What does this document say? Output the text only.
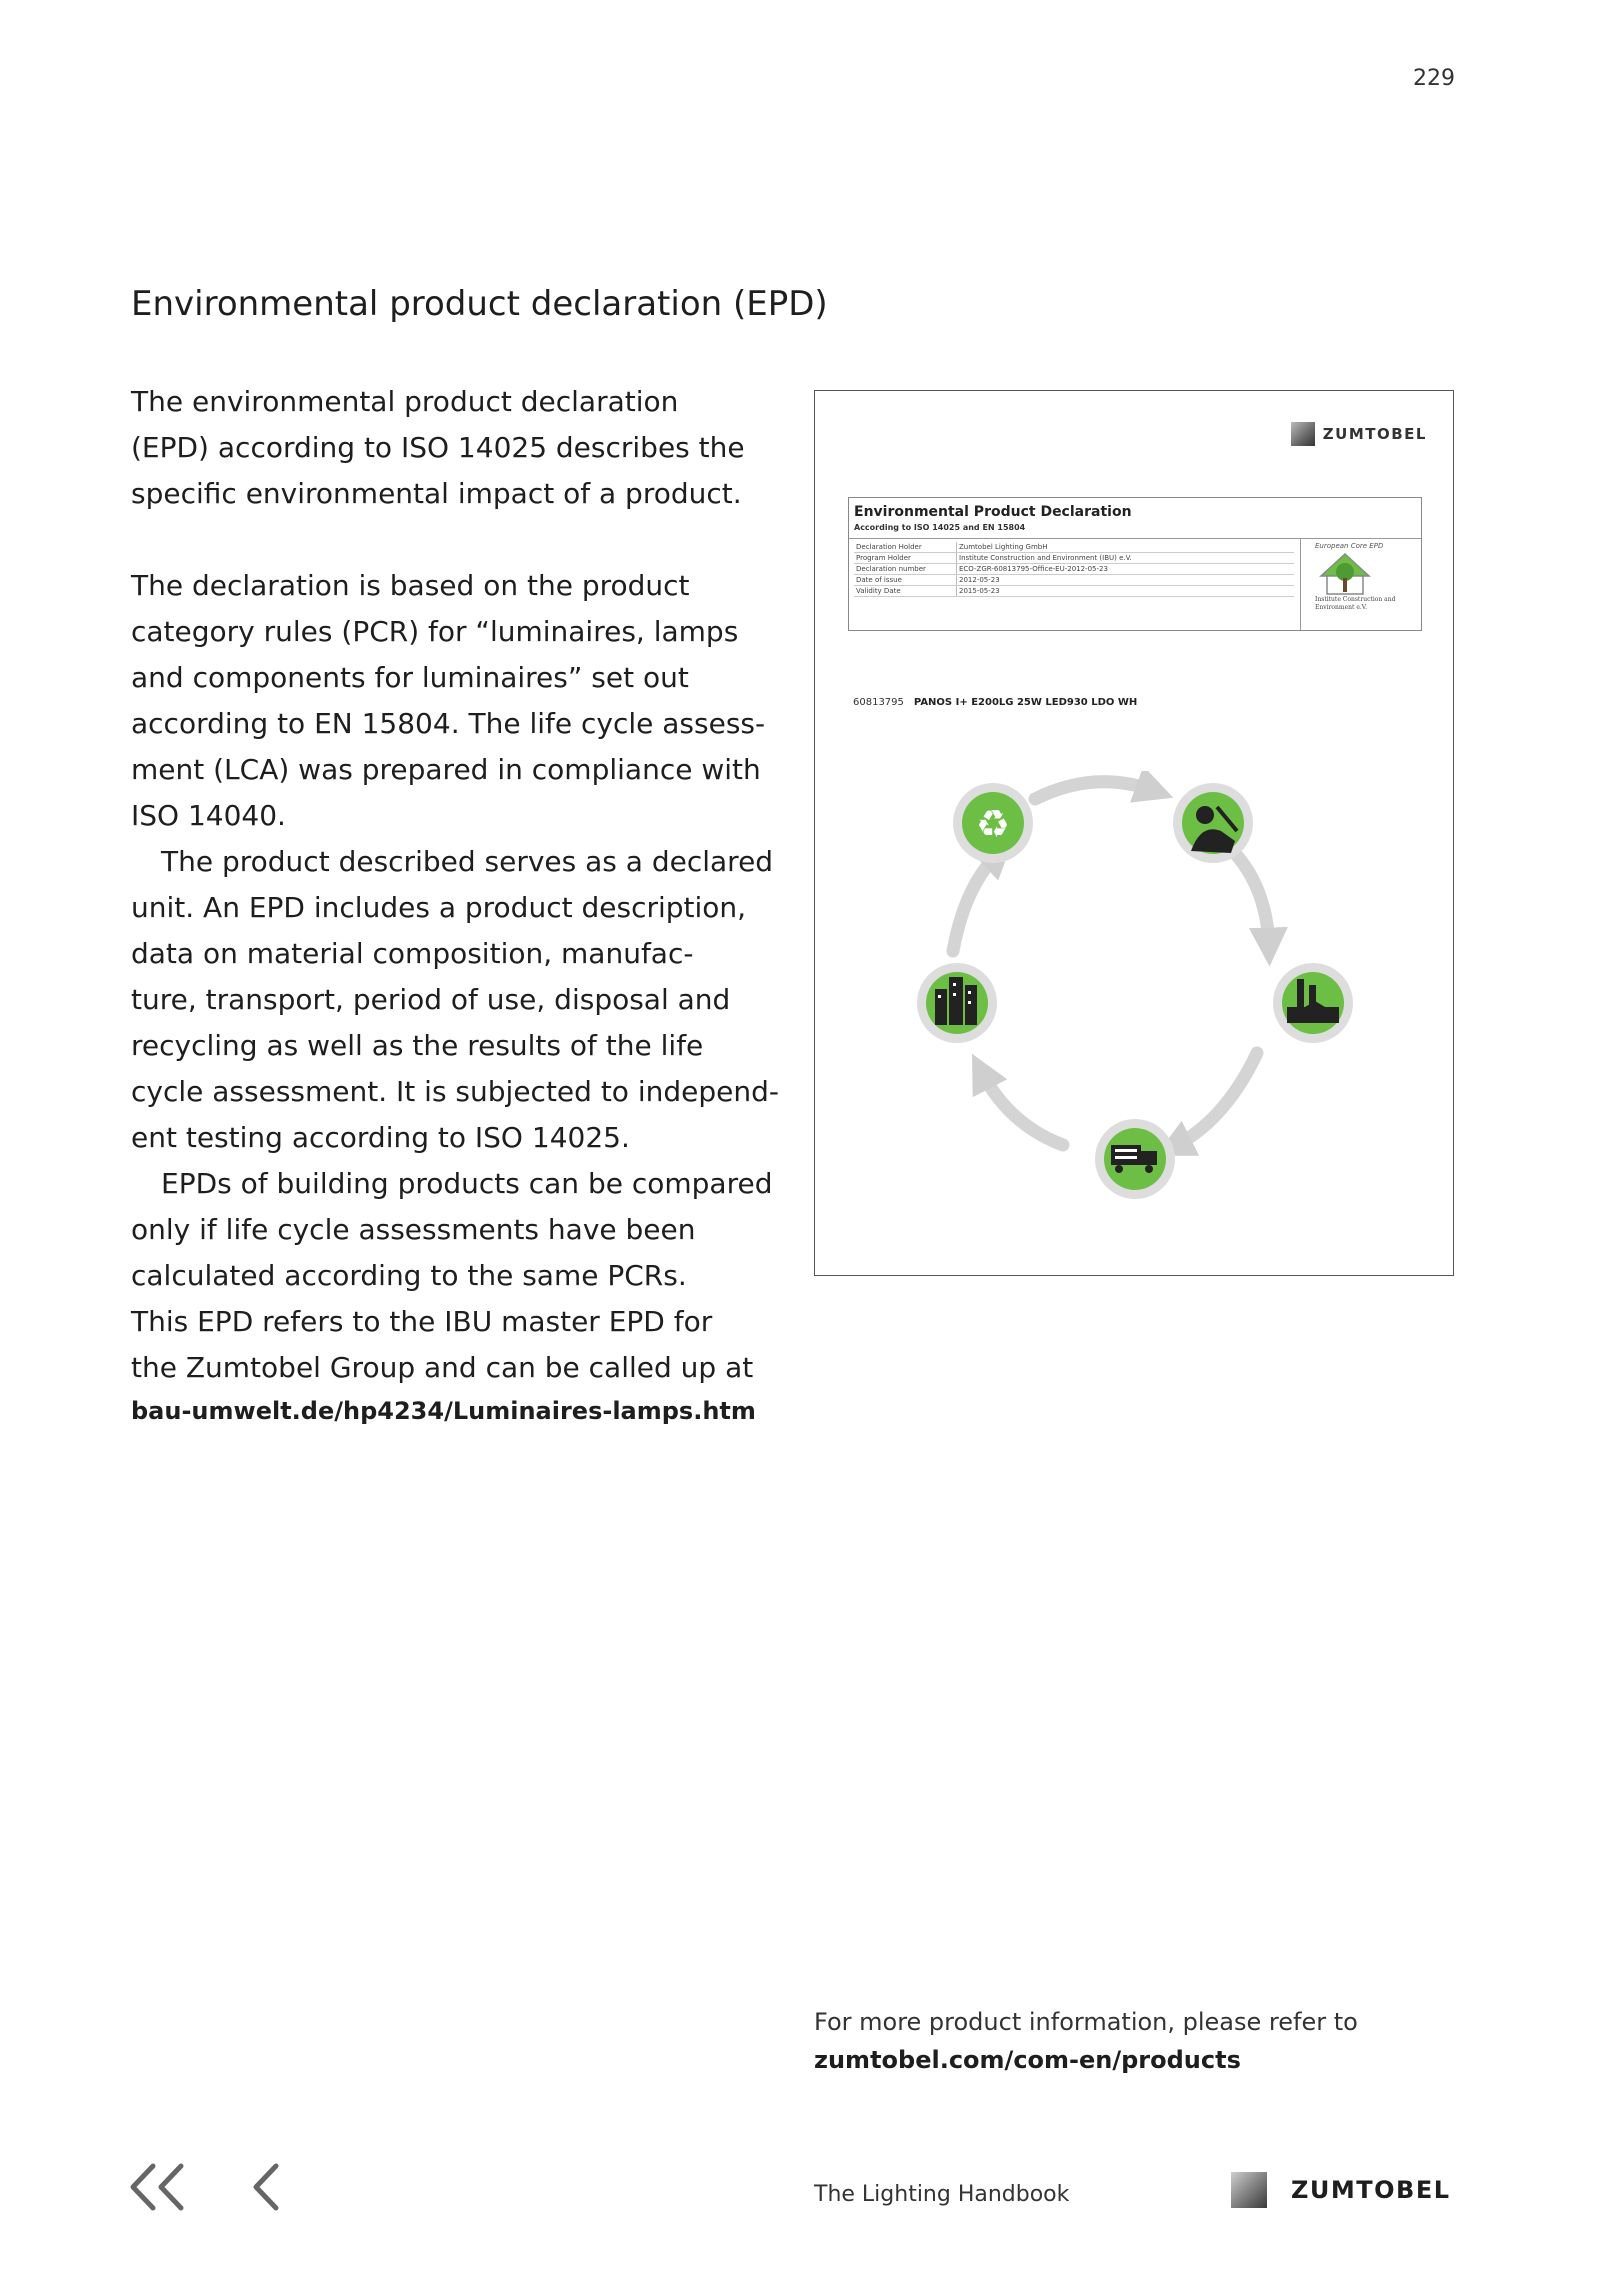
229
Environmental product declaration (EPD)
The environmental product declaration
(EPD) according to ISO 14025 describes the
specific environmental impact of a product.
The declaration is based on the product
category rules (PCR) for “luminaires, lamps
and components for luminaires” set out
according to EN 15804. The life cycle assess-
ment (LCA) was prepared in compliance with
ISO 14040.
The product described serves as a declared
unit. An EPD includes a product description,
data on material composition, manufac-
ture, transport, period of use, disposal and
recycling as well as the results of the life
cycle assessment. It is subjected to independ-
ent testing according to ISO 14025.
EPDs of building products can be compared
only if life cycle assessments have been
calculated according to the same PCRs.
This EPD refers to the IBU master EPD for
the Zumtobel Group and can be called up at
bau-umwelt.de/hp4234/Luminaires-lamps.htm
ZUMTOBEL
Environmental Product Declaration
According to ISO 14025 and EN 15804
Declaration Holder	Zumtobel Lighting GmbH
Program Holder	Institute Construction and Environment (IBU) e.V.
Declaration number	ECO-ZGR-60813795-Office-EU-2012-05-23
Date of issue	2012-05-23
Validity Date	2015-05-23
European Core EPD
Institute Construction and Environment e.V.
60813795 PANOS I+ E200LG 25W LED930 LDO WH
♻
For more product information, please refer to
zumtobel.com/com-en/products
The Lighting Handbook	ZUMTOBEL
